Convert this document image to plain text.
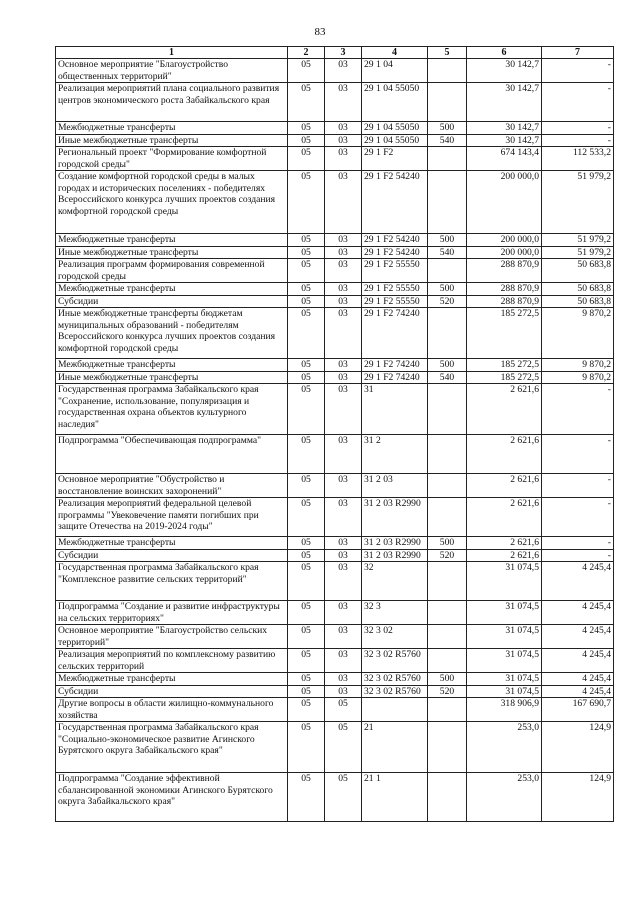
83
1	2	3	4	5	6	7
Основное мероприятие "Благоустройство общественных территорий"	05	03	29 1 04		30 142,7	-
Реализация мероприятий плана социального развития центров экономического роста Забайкальского края	05	03	29 1 04 55050		30 142,7	-
Межбюджетные трансферты	05	03	29 1 04 55050	500	30 142,7	-
Иные межбюджетные трансферты	05	03	29 1 04 55050	540	30 142,7	-
Региональный проект "Формирование комфортной городской среды"	05	03	29 1 F2		674 143,4	112 533,2
Создание комфортной городской среды в малых городах и исторических поселениях - победителях Всероссийского конкурса лучших проектов создания комфортной городской среды	05	03	29 1 F2 54240		200 000,0	51 979,2
Межбюджетные трансферты	05	03	29 1 F2 54240	500	200 000,0	51 979,2
Иные межбюджетные трансферты	05	03	29 1 F2 54240	540	200 000,0	51 979,2
Реализация программ формирования современной городской среды	05	03	29 1 F2 55550		288 870,9	50 683,8
Межбюджетные трансферты	05	03	29 1 F2 55550	500	288 870,9	50 683,8
Субсидии	05	03	29 1 F2 55550	520	288 870,9	50 683,8
Иные межбюджетные трансферты бюджетам муниципальных образований - победителям Всероссийского конкурса лучших проектов создания комфортной городской среды	05	03	29 1 F2 74240		185 272,5	9 870,2
Межбюджетные трансферты	05	03	29 1 F2 74240	500	185 272,5	9 870,2
Иные межбюджетные трансферты	05	03	29 1 F2 74240	540	185 272,5	9 870,2
Государственная программа Забайкальского края "Сохранение, использование, популяризация и государственная охрана объектов культурного наследия"	05	03	31		2 621,6	-
Подпрограмма "Обеспечивающая подпрограмма"	05	03	31 2		2 621,6	-
Основное мероприятие "Обустройство и восстановление воинских захоронений"	05	03	31 2 03		2 621,6	-
Реализация мероприятий федеральной целевой программы "Увековечение памяти погибших при защите Отечества на 2019-2024 годы"	05	03	31 2 03 R2990		2 621,6	-
Межбюджетные трансферты	05	03	31 2 03 R2990	500	2 621,6	-
Субсидии	05	03	31 2 03 R2990	520	2 621,6	-
Государственная программа Забайкальского края "Комплексное развитие сельских территорий"	05	03	32		31 074,5	4 245,4
Подпрограмма "Создание и развитие инфраструктуры на сельских территориях"	05	03	32 3		31 074,5	4 245,4
Основное мероприятие "Благоустройство сельских территорий"	05	03	32 3 02		31 074,5	4 245,4
Реализация мероприятий по комплексному развитию сельских территорий	05	03	32 3 02 R5760		31 074,5	4 245,4
Межбюджетные трансферты	05	03	32 3 02 R5760	500	31 074,5	4 245,4
Субсидии	05	03	32 3 02 R5760	520	31 074,5	4 245,4
Другие вопросы в области жилищно-коммунального хозяйства	05	05			318 906,9	167 690,7
Государственная программа Забайкальского края "Социально-экономическое развитие Агинского Бурятского округа Забайкальского края"	05	05	21		253,0	124,9
Подпрограмма "Создание эффективной сбалансированной экономики Агинского Бурятского округа Забайкальского края"	05	05	21 1		253,0	124,9
